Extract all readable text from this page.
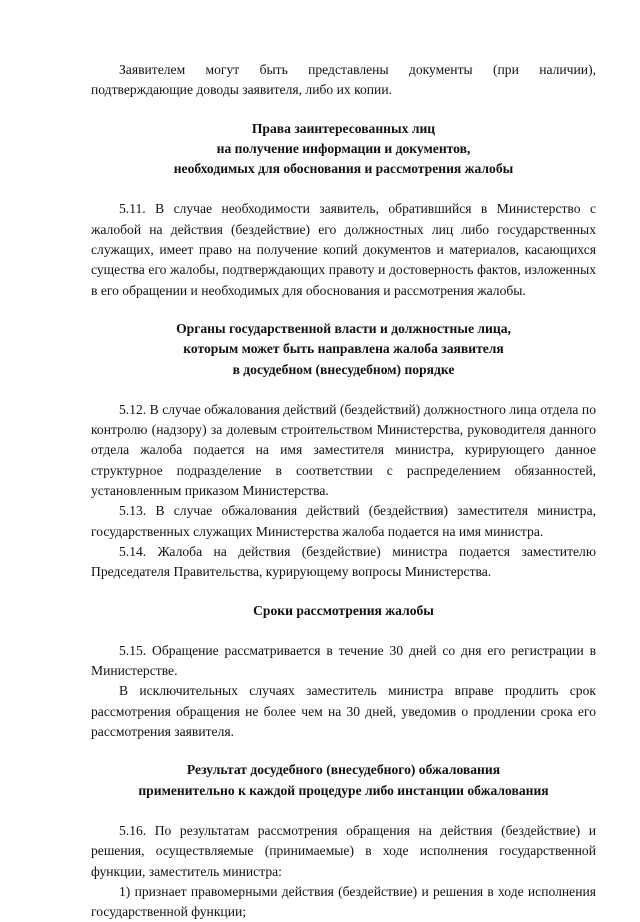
Заявителем могут быть представлены документы (при наличии), подтверждающие доводы заявителя, либо их копии.

Права заинтересованных лиц
на получение информации и документов,
необходимых для обоснования и рассмотрения жалобы

5.11. В случае необходимости заявитель, обратившийся в Министерство с жалобой на действия (бездействие) его должностных лиц либо государственных служащих, имеет право на получение копий документов и материалов, касающихся существа его жалобы, подтверждающих правоту и достоверность фактов, изложенных в его обращении и необходимых для обоснования и рассмотрения жалобы.

Органы государственной власти и должностные лица,
которым может быть направлена жалоба заявителя
в досудебном (внесудебном) порядке

5.12. В случае обжалования действий (бездействий) должностного лица отдела по контролю (надзору) за долевым строительством Министерства, руководителя данного отдела жалоба подается на имя заместителя министра, курирующего данное структурное подразделение в соответствии с распределением обязанностей, установленным приказом Министерства.

5.13. В случае обжалования действий (бездействия) заместителя министра, государственных служащих Министерства жалоба подается на имя министра.

5.14. Жалоба на действия (бездействие) министра подается заместителю Председателя Правительства, курирующему вопросы Министерства.

Сроки рассмотрения жалобы

5.15. Обращение рассматривается в течение 30 дней со дня его регистрации в Министерстве.

В исключительных случаях заместитель министра вправе продлить срок рассмотрения обращения не более чем на 30 дней, уведомив о продлении срока его рассмотрения заявителя.

Результат досудебного (внесудебного) обжалования
применительно к каждой процедуре либо инстанции обжалования

5.16. По результатам рассмотрения обращения на действия (бездействие) и решения, осуществляемые (принимаемые) в ходе исполнения государственной функции, заместитель министра:

1) признает правомерными действия (бездействие) и решения в ходе исполнения государственной функции;
